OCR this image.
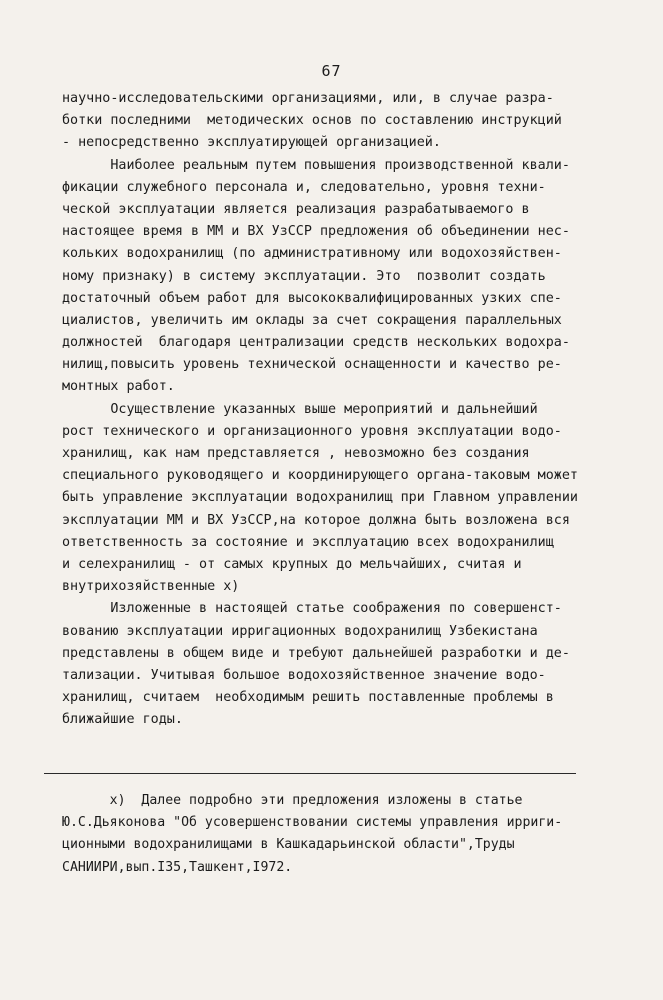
67
научно-исследовательскими организациями, или, в случае разра-
ботки последними  методических основ по составлению инструкций
- непосредственно эксплуатирующей организацией.
Наиболее реальным путем повышения производственной квали-
фикации служебного персонала и, следовательно, уровня техни-
ческой эксплуатации является реализация разрабатываемого в
настоящее время в ММ и ВХ УзССР предложения об объединении нес-
кольких водохранилищ (по административному или водохозяйствен-
ному признаку) в систему эксплуатации. Это  позволит создать
достаточный объем работ для высококвалифицированных узких спе-
циалистов, увеличить им оклады за счет сокращения параллельных
должностей  благодаря централизации средств нескольких водохра-
нилищ,повысить уровень технической оснащенности и качество ре-
монтных работ.
Осуществление указанных выше мероприятий и дальнейший
рост технического и организационного уровня эксплуатации водо-
хранилищ, как нам представляется , невозможно без создания
специального руководящего и координирующего органа-таковым может
быть управление эксплуатации водохранилищ при Главном управлении
эксплуатации ММ и ВХ УзССР,на которое должна быть возложена вся
ответственность за состояние и эксплуатацию всех водохранилищ
и селехранилищ - от самых крупных до мельчайших, считая и
внутрихозяйственные х)
Изложенные в настоящей статье соображения по совершенст-
вованию эксплуатации ирригационных водохранилищ Узбекистана
представлены в общем виде и требуют дальнейшей разработки и де-
тализации. Учитывая большое водохозяйственное значение водо-
хранилищ, считаем  необходимым решить поставленные проблемы в
ближайшие годы.
х)  Далее подробно эти предложения изложены в статье
Ю.С.Дьяконова "Об усовершенствовании системы управления ирриги-
ционными водохранилищами в Кашкадарьинской области",Труды
САНИИРИ,вып.I35,Ташкент,I972.
